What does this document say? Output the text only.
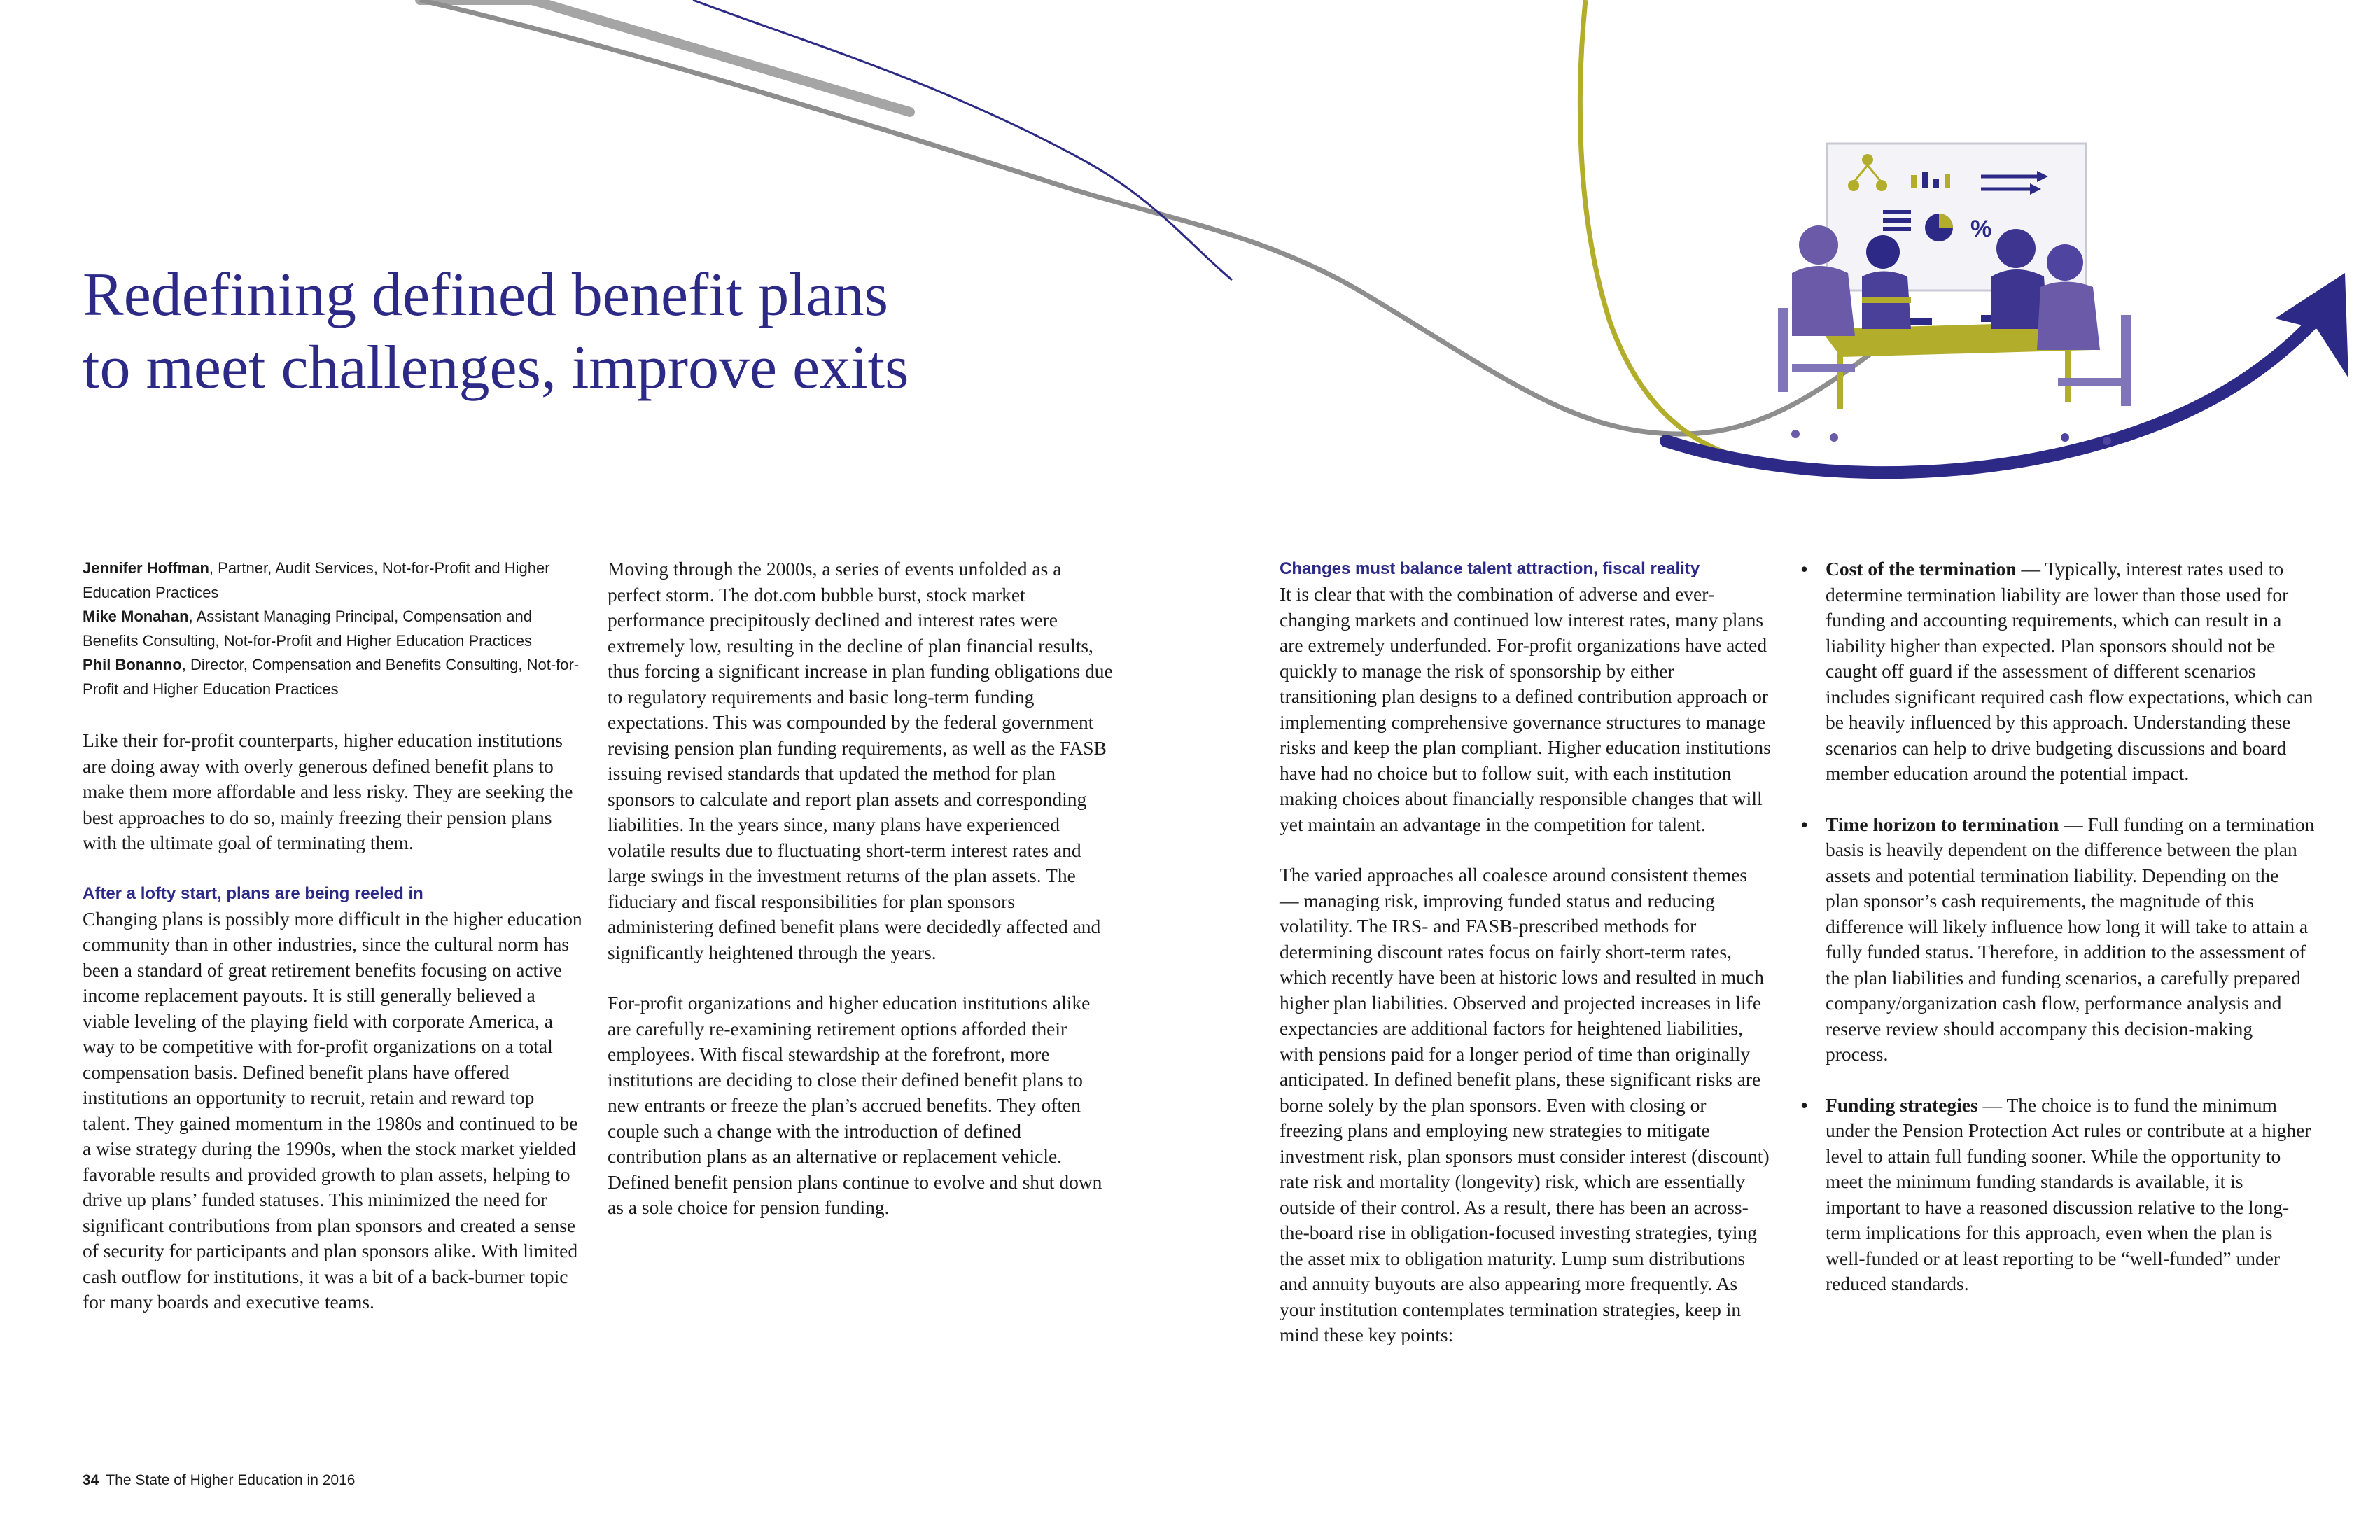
%
Redefining defined benefit plans
to meet challenges, improve exits
Jennifer Hoffman, Partner, Audit Services, Not-for-Profit and Higher Education Practices
Mike Monahan, Assistant Managing Principal, Compensation and Benefits Consulting, Not-for-Profit and Higher Education Practices
Phil Bonanno, Director, Compensation and Benefits Consulting, Not-for-Profit and Higher Education Practices

Like their for-profit counterparts, higher education institutions are doing away with overly generous defined benefit plans to make them more affordable and less risky. They are seeking the best approaches to do so, mainly freezing their pension plans with the ultimate goal of terminating them.

After a lofty start, plans are being reeled in

Changing plans is possibly more difficult in the higher education community than in other industries, since the cultural norm has been a standard of great retirement benefits focusing on active income replacement payouts. It is still generally believed a viable leveling of the playing field with corporate America, a way to be competitive with for-profit organizations on a total compensation basis. Defined benefit plans have offered institutions an opportunity to recruit, retain and reward top talent. They gained momentum in the 1980s and continued to be a wise strategy during the 1990s, when the stock market yielded favorable results and provided growth to plan assets, helping to drive up plans’ funded statuses. This minimized the need for significant contributions from plan sponsors and created a sense of security for participants and plan sponsors alike. With limited cash outflow for institutions, it was a bit of a back-burner topic for many boards and executive teams.

Moving through the 2000s, a series of events unfolded as a perfect storm. The dot.com bubble burst, stock market performance precipitously declined and interest rates were extremely low, resulting in the decline of plan financial results, thus forcing a significant increase in plan funding obligations due to regulatory requirements and basic long-term funding expectations. This was compounded by the federal government revising pension plan funding requirements, as well as the FASB issuing revised standards that updated the method for plan sponsors to calculate and report plan assets and corresponding liabilities. In the years since, many plans have experienced volatile results due to fluctuating short-term interest rates and large swings in the investment returns of the plan assets. The fiduciary and fiscal responsibilities for plan sponsors administering defined benefit plans were decidedly affected and significantly heightened through the years.

For-profit organizations and higher education institutions alike are carefully re-examining retirement options afforded their employees. With fiscal stewardship at the forefront, more institutions are deciding to close their defined benefit plans to new entrants or freeze the plan’s accrued benefits. They often couple such a change with the introduction of defined contribution plans as an alternative or replacement vehicle. Defined benefit pension plans continue to evolve and shut down as a sole choice for pension funding.

Changes must balance talent attraction, fiscal reality

It is clear that with the combination of adverse and ever-changing markets and continued low interest rates, many plans are extremely underfunded. For-profit organizations have acted quickly to manage the risk of sponsorship by either transitioning plan designs to a defined contribution approach or implementing comprehensive governance structures to manage risks and keep the plan compliant. Higher education institutions have had no choice but to follow suit, with each institution making choices about financially responsible changes that will yet maintain an advantage in the competition for talent.

The varied approaches all coalesce around consistent themes — managing risk, improving funded status and reducing volatility. The IRS- and FASB-prescribed methods for determining discount rates focus on fairly short-term rates, which recently have been at historic lows and resulted in much higher plan liabilities. Observed and projected increases in life expectancies are additional factors for heightened liabilities, with pensions paid for a longer period of time than originally anticipated. In defined benefit plans, these significant risks are borne solely by the plan sponsors. Even with closing or freezing plans and employing new strategies to mitigate investment risk, plan sponsors must consider interest (discount) rate risk and mortality (longevity) risk, which are essentially outside of their control. As a result, there has been an across-the-board rise in obligation-focused investing strategies, tying the asset mix to obligation maturity. Lump sum distributions and annuity buyouts are also appearing more frequently. As your institution contemplates termination strategies, keep in mind these key points:

• Cost of the termination — Typically, interest rates used to determine termination liability are lower than those used for funding and accounting requirements, which can result in a liability higher than expected. Plan sponsors should not be caught off guard if the assessment of different scenarios includes significant required cash flow expectations, which can be heavily influenced by this approach. Understanding these scenarios can help to drive budgeting discussions and board member education around the potential impact.
• Time horizon to termination — Full funding on a termination basis is heavily dependent on the difference between the plan assets and potential termination liability. Depending on the plan sponsor’s cash requirements, the magnitude of this difference will likely influence how long it will take to attain a fully funded status. Therefore, in addition to the assessment of the plan liabilities and funding scenarios, a carefully prepared company/organization cash flow, performance analysis and reserve review should accompany this decision-making process.
• Funding strategies — The choice is to fund the minimum under the Pension Protection Act rules or contribute at a higher level to attain full funding sooner. While the opportunity to meet the minimum funding standards is available, it is important to have a reasoned discussion relative to the long-term implications for this approach, even when the plan is well-funded or at least reporting to be “well-funded” under reduced standards.
34 The State of Higher Education in 2016
